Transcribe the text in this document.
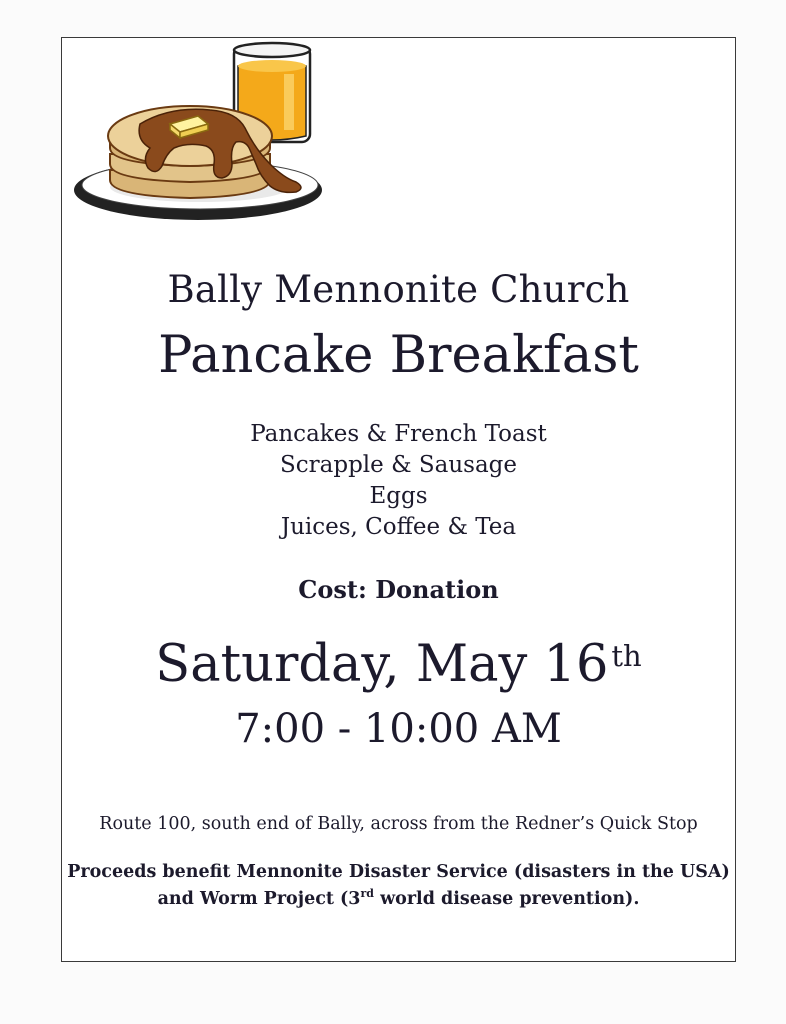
Bally Mennonite Church
Pancake Breakfast
Pancakes & French Toast
Scrapple & Sausage
Eggs
Juices, Coffee & Tea
Cost: Donation
Saturday, May 16 $^{th}$
7:00 - 10:00 AM
Route 100, south end of Bally, across from the Redner’s Quick Stop
Proceeds benefit Mennonite Disaster Service (disasters in the USA)
and Worm Project (3rd world disease prevention).
